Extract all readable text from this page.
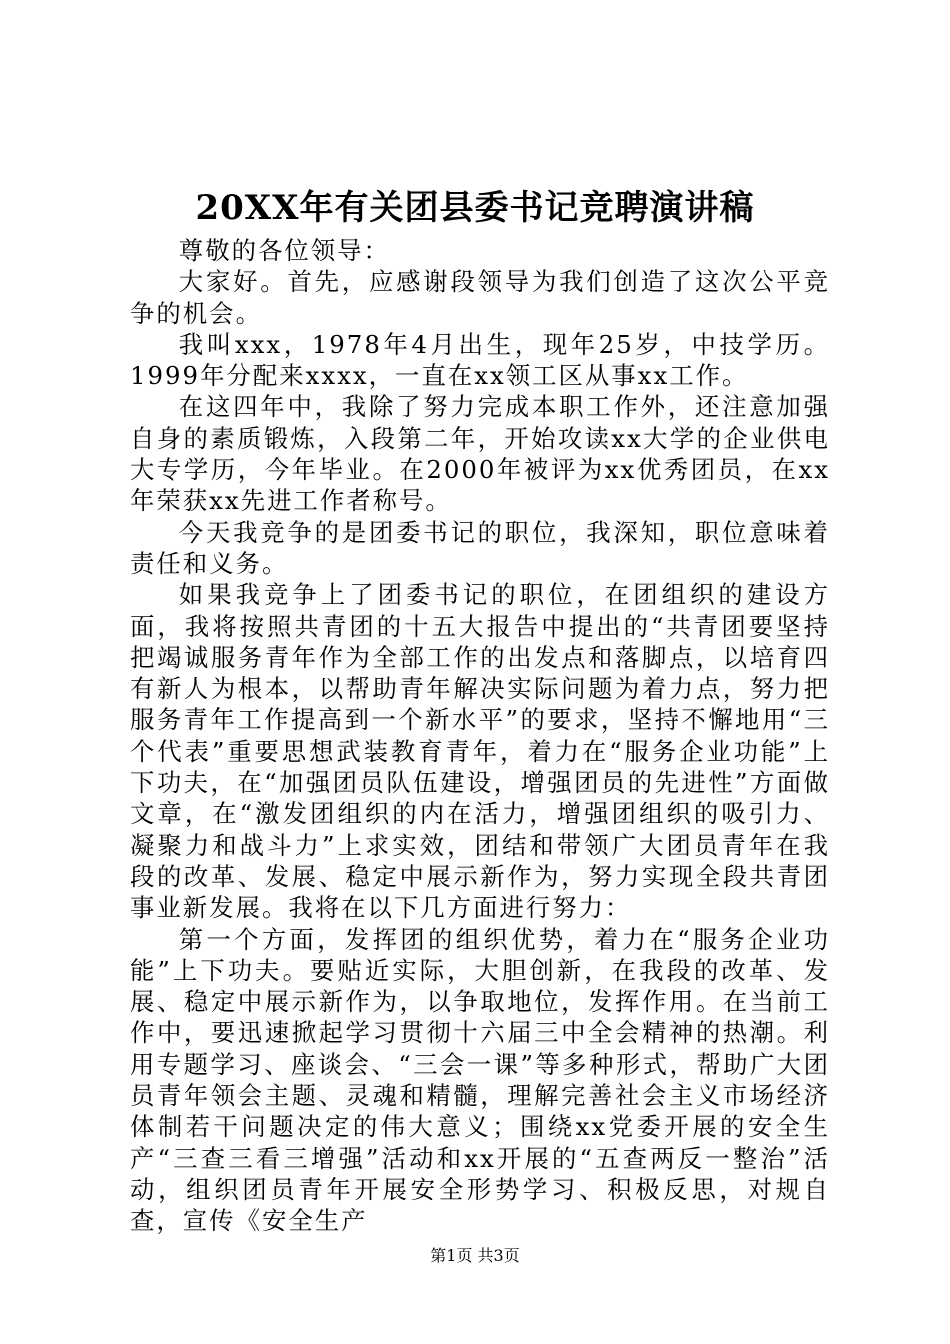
20XX年有关团县委书记竞聘演讲稿

尊敬的各位领导：

大家好。首先，应感谢段领导为我们创造了这次公平竞争的机会。

我叫xxx，1978年4月出生，现年25岁，中技学历。1999年分配来xxxx，一直在xx领工区从事xx工作。

在这四年中，我除了努力完成本职工作外，还注意加强自身的素质锻炼，入段第二年，开始攻读xx大学的企业供电大专学历，今年毕业。在2000年被评为xx优秀团员，在xx年荣获xx先进工作者称号。

今天我竞争的是团委书记的职位，我深知，职位意味着责任和义务。

如果我竞争上了团委书记的职位，在团组织的建设方面，我将按照共青团的十五大报告中提出的“共青团要坚持把竭诚服务青年作为全部工作的出发点和落脚点，以培育四有新人为根本，以帮助青年解决实际问题为着力点，努力把服务青年工作提高到一个新水平”的要求，坚持不懈地用“三个代表”重要思想武装教育青年，着力在“服务企业功能”上下功夫，在“加强团员队伍建设，增强团员的先进性”方面做文章，在“激发团组织的内在活力，增强团组织的吸引力、凝聚力和战斗力”上求实效，团结和带领广大团员青年在我段的改革、发展、稳定中展示新作为，努力实现全段共青团事业新发展。我将在以下几方面进行努力：

第一个方面，发挥团的组织优势，着力在“服务企业功能”上下功夫。要贴近实际，大胆创新，在我段的改革、发展、稳定中展示新作为，以争取地位，发挥作用。在当前工作中，要迅速掀起学习贯彻十六届三中全会精神的热潮。利用专题学习、座谈会、“三会一课”等多种形式，帮助广大团员青年领会主题、灵魂和精髓，理解完善社会主义市场经济体制若干问题决定的伟大意义；围绕xx党委开展的安全生产“三查三看三增强”活动和xx开展的“五查两反一整治”活动，组织团员青年开展安全形势学习、积极反思，对规自查，宣传《安全生产

第1页 共3页
